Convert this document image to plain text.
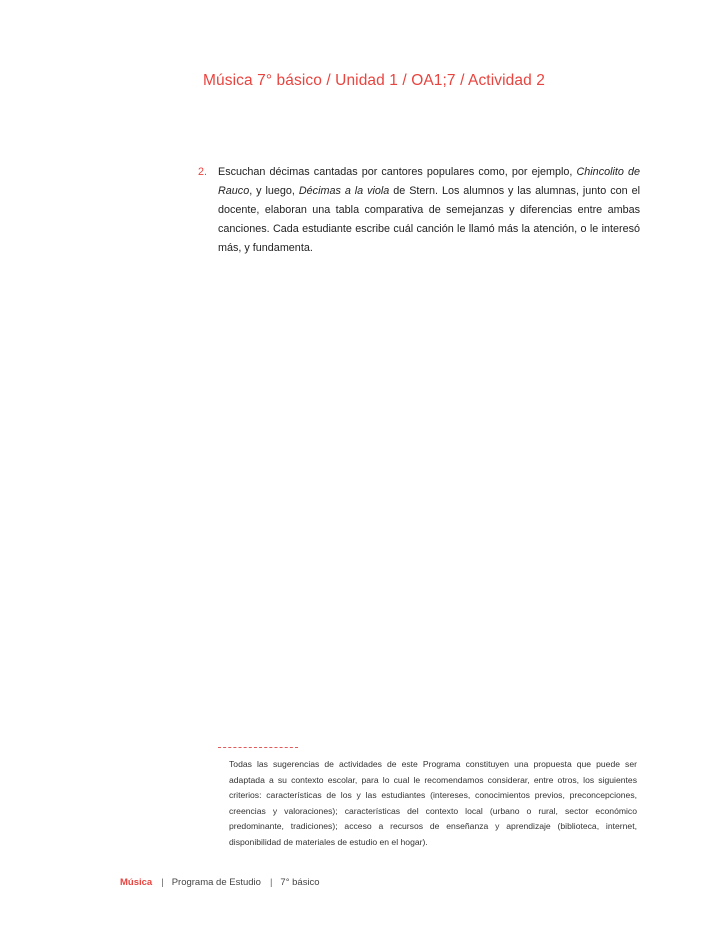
Música 7° básico / Unidad 1 / OA1;7 / Actividad 2
2. Escuchan décimas cantadas por cantores populares como, por ejemplo, Chincolito de Rauco, y luego, Décimas a la viola de Stern. Los alumnos y las alumnas, junto con el docente, elaboran una tabla comparativa de semejanzas y diferencias entre ambas canciones. Cada estudiante escribe cuál canción le llamó más la atención, o le interesó más, y fundamenta.
Todas las sugerencias de actividades de este Programa constituyen una propuesta que puede ser adaptada a su contexto escolar, para lo cual le recomendamos considerar, entre otros, los siguientes criterios: características de los y las estudiantes (intereses, conocimientos previos, preconcepciones, creencias y valoraciones); características del contexto local (urbano o rural, sector económico predominante, tradiciones); acceso a recursos de enseñanza y aprendizaje (biblioteca, internet, disponibilidad de materiales de estudio en el hogar).
Música | Programa de Estudio | 7° básico
